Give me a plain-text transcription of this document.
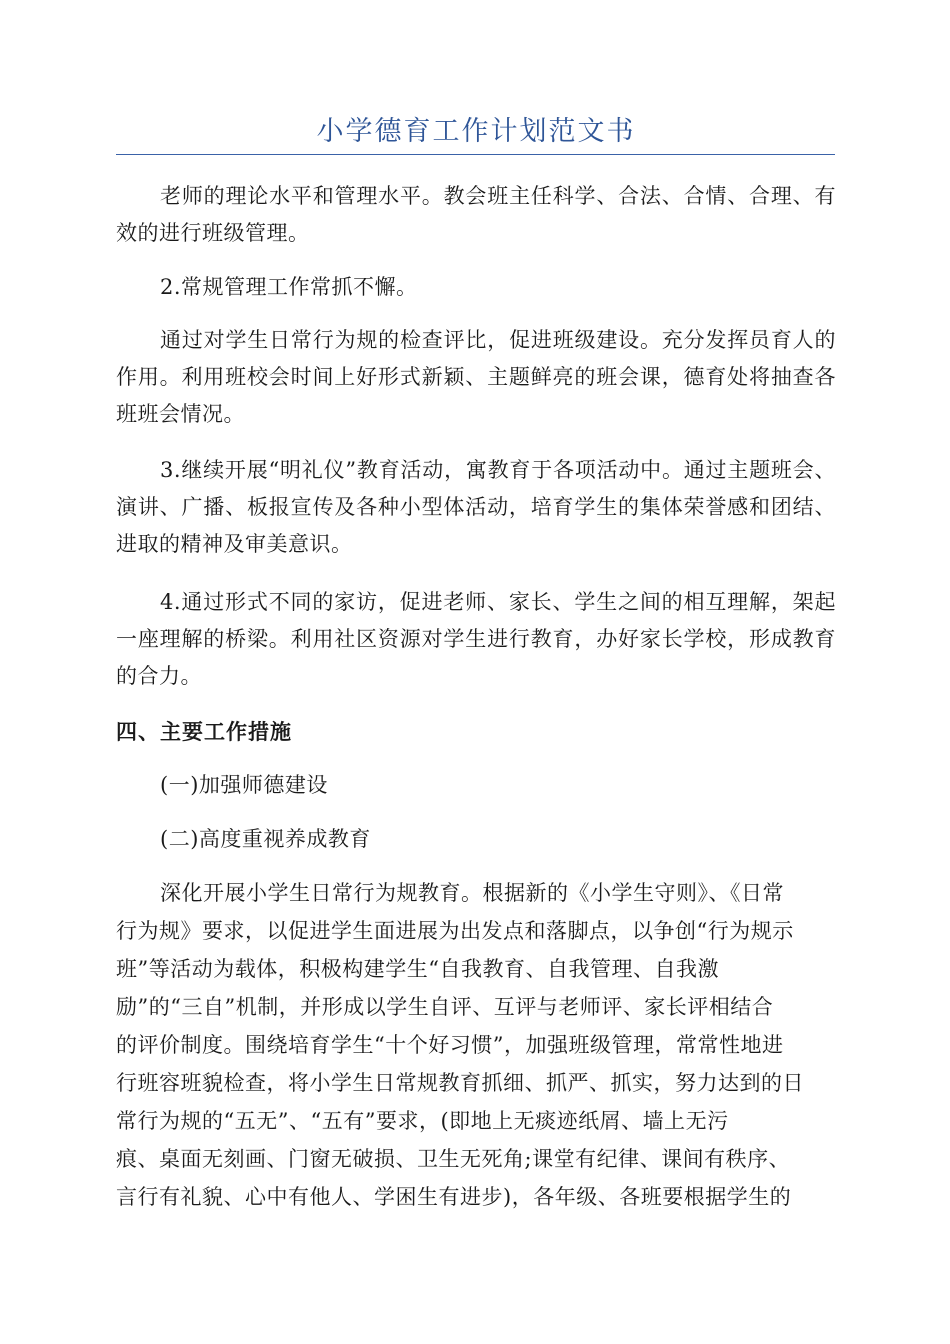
小学德育工作计划范文书

老师的理论水平和管理水平。教会班主任科学、合法、合情、合理、有效的进行班级管理。

2.常规管理工作常抓不懈。

通过对学生日常行为规的检查评比，促进班级建设。充分发挥员育人的作用。利用班校会时间上好形式新颖、主题鲜亮的班会课，德育处将抽查各班班会情况。

3.继续开展“明礼仪”教育活动，寓教育于各项活动中。通过主题班会、演讲、广播、板报宣传及各种小型体活动，培育学生的集体荣誉感和团结、进取的精神及审美意识。

4.通过形式不同的家访，促进老师、家长、学生之间的相互理解，架起一座理解的桥梁。利用社区资源对学生进行教育，办好家长学校，形成教育的合力。

四、主要工作措施

(一)加强师德建设

(二)高度重视养成教育

深化开展小学生日常行为规教育。根据新的《小学生守则》、《日常

行为规》要求，以促进学生面进展为出发点和落脚点，以争创“行为规示

班”等活动为载体，积极构建学生“自我教育、自我管理、自我激

励”的“三自”机制，并形成以学生自评、互评与老师评、家长评相结合

的评价制度。围绕培育学生“十个好习惯”，加强班级管理，常常性地进

行班容班貌检查，将小学生日常规教育抓细、抓严、抓实，努力达到的日

常行为规的“五无”、“五有”要求，(即地上无痰迹纸屑、墙上无污

痕、桌面无刻画、门窗无破损、卫生无死角;课堂有纪律、课间有秩序、

言行有礼貌、心中有他人、学困生有进步)，各年级、各班要根据学生的
